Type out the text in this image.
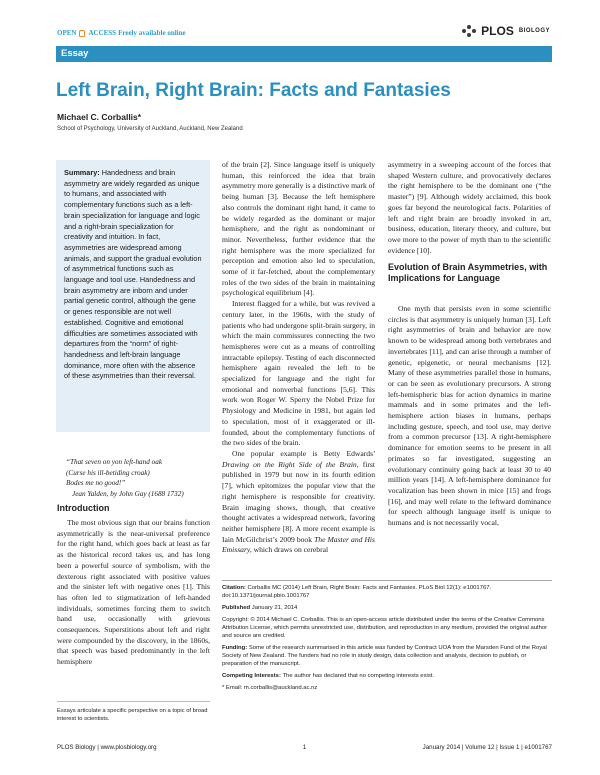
OPEN ACCESS Freely available online	PLOS BIOLOGY
Essay
Left Brain, Right Brain: Facts and Fantasies
Michael C. Corballis*
School of Psychology, University of Auckland, Auckland, New Zealand
Summary: Handedness and brain asymmetry are widely regarded as unique to humans, and associated with complementary functions such as a left-brain specialization for language and logic and a right-brain specialization for creativity and intuition. In fact, asymmetries are widespread among animals, and support the gradual evolution of asymmetrical functions such as language and tool use. Handedness and brain asymmetry are inborn and under partial genetic control, although the gene or genes responsible are not well established. Cognitive and emotional difficulties are sometimes associated with departures from the “norm” of right-handedness and left-brain language dominance, more often with the absence of these asymmetries than their reversal.
“That seven on yon left-hand oak
(Curse his ill-betiding croak)
Bodes me no good!”
Jean Yalden, by John Gay (1688 1732)
Introduction

The most obvious sign that our brains function asymmetrically is the near-universal preference for the right hand, which goes back at least as far as the historical record takes us, and has long been a powerful source of symbolism, with the dexterous right associated with positive values and the sinister left with negative ones [1]. This has often led to stigmatization of left-handed individuals, sometimes forcing them to switch hand use, occasionally with grievous consequences. Superstitions about left and right were compounded by the discovery, in the 1860s, that speech was based predominantly in the left hemisphere

Essays articulate a specific perspective on a topic of broad interest to scientists.

of the brain [2]. Since language itself is uniquely human, this reinforced the idea that brain asymmetry more generally is a distinctive mark of being human [3]. Because the left hemisphere also controls the dominant right hand, it came to be widely regarded as the dominant or major hemisphere, and the right as nondominant or minor. Nevertheless, further evidence that the right hemisphere was the more specialized for perception and emotion also led to speculation, some of it far-fetched, about the complementary roles of the two sides of the brain in maintaining psychological equilibrium [4].

Interest flagged for a while, but was revived a century later, in the 1960s, with the study of patients who had undergone split-brain surgery, in which the main commissures connecting the two hemispheres were cut as a means of controlling intractable epilepsy. Testing of each disconnected hemisphere again revealed the left to be specialized for language and the right for emotional and nonverbal functions [5,6]. This work won Roger W. Sperry the Nobel Prize for Physiology and Medicine in 1981, but again led to speculation, most of it exaggerated or ill-founded, about the complementary functions of the two sides of the brain.

One popular example is Betty Edwards’ Drawing on the Right Side of the Brain, first published in 1979 but now in its fourth edition [7], which epitomizes the popular view that the right hemisphere is responsible for creativity. Brain imaging shows, though, that creative thought activates a widespread network, favoring neither hemisphere [8]. A more recent example is Iain McGilchrist’s 2009 book The Master and His Emissary, which draws on cerebral

asymmetry in a sweeping account of the forces that shaped Western culture, and provocatively declares the right hemisphere to be the dominant one (“the master”) [9]. Although widely acclaimed, this book goes far beyond the neurological facts. Polarities of left and right brain are broadly invoked in art, business, education, literary theory, and culture, but owe more to the power of myth than to the scientific evidence [10].

Evolution of Brain Asymmetries, with Implications for Language

One myth that persists even in some scientific circles is that asymmetry is uniquely human [3]. Left right asymmetries of brain and behavior are now known to be widespread among both vertebrates and invertebrates [11], and can arise through a number of genetic, epigenetic, or neural mechanisms [12]. Many of these asymmetries parallel those in humans, or can be seen as evolutionary precursors. A strong left-hemispheric bias for action dynamics in marine mammals and in some primates and the left-hemisphere action biases in humans, perhaps including gesture, speech, and tool use, may derive from a common precursor [13]. A right-hemisphere dominance for emotion seems to be present in all primates so far investigated, suggesting an evolutionary continuity going back at least 30 to 40 million years [14]. A left-hemisphere dominance for vocalization has been shown in mice [15] and frogs [16], and may well relate to the leftward dominance for speech although language itself is unique to humans and is not necessarily vocal,

Citation: Corballis MC (2014) Left Brain, Right Brain: Facts and Fantasies. PLoS Biol 12(1): e1001767. doi:10.1371/journal.pbio.1001767
Published January 21, 2014
Copyright: © 2014 Michael C. Corballis. This is an open-access article distributed under the terms of the Creative Commons Attribution License, which permits unrestricted use, distribution, and reproduction in any medium, provided the original author and source are credited.
Funding: Some of the research summarised in this article was funded by Contract UOA from the Marsden Fund of the Royal Society of New Zealand. The funders had no role in study design, data collection and analysis, decision to publish, or preparation of the manuscript.
Competing Interests: The author has declared that no competing interests exist.
* Email: m.corballis@auckland.ac.nz
PLOS Biology | www.plosbiology.org	1	January 2014 | Volume 12 | Issue 1 | e1001767
